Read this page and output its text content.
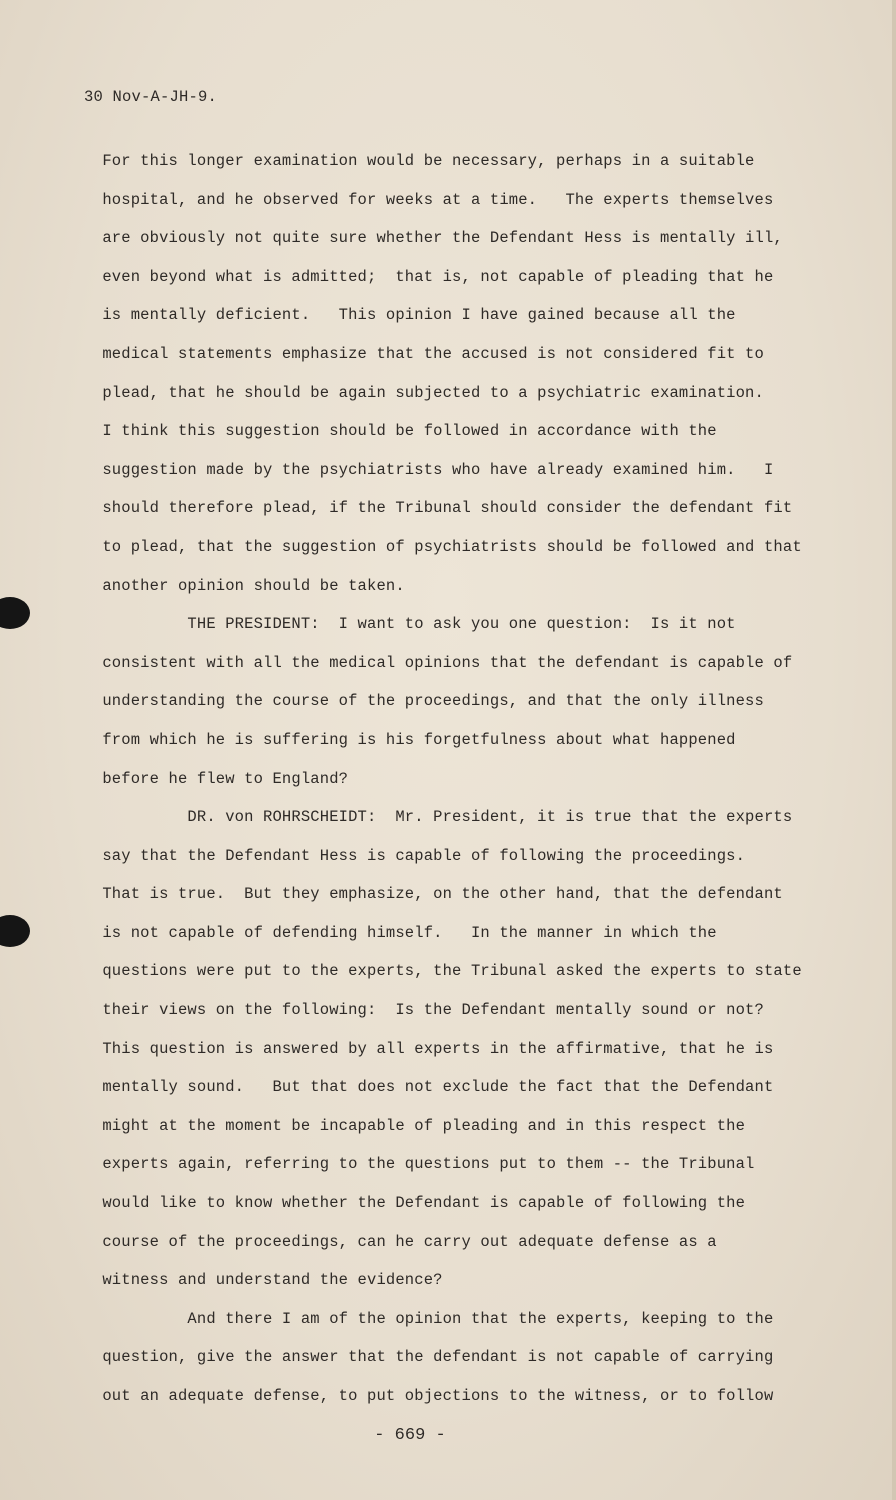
30 Nov-A-JH-9.

For this longer examination would be necessary, perhaps in a suitable
hospital, and he observed for weeks at a time.   The experts themselves
are obviously not quite sure whether the Defendant Hess is mentally ill,
even beyond what is admitted;  that is, not capable of pleading that he
is mentally deficient.   This opinion I have gained because all the
medical statements emphasize that the accused is not considered fit to
plead, that he should be again subjected to a psychiatric examination.
I think this suggestion should be followed in accordance with the
suggestion made by the psychiatrists who have already examined him.   I
should therefore plead, if the Tribunal should consider the defendant fit
to plead, that the suggestion of psychiatrists should be followed and that
another opinion should be taken.
THE PRESIDENT:  I want to ask you one question:  Is it not
consistent with all the medical opinions that the defendant is capable of
understanding the course of the proceedings, and that the only illness
from which he is suffering is his forgetfulness about what happened
before he flew to England?
DR. von ROHRSCHEIDT:  Mr. President, it is true that the experts
say that the Defendant Hess is capable of following the proceedings.
That is true.  But they emphasize, on the other hand, that the defendant
is not capable of defending himself.   In the manner in which the
questions were put to the experts, the Tribunal asked the experts to state
their views on the following:  Is the Defendant mentally sound or not?
This question is answered by all experts in the affirmative, that he is
mentally sound.   But that does not exclude the fact that the Defendant
might at the moment be incapable of pleading and in this respect the
experts again, referring to the questions put to them -- the Tribunal
would like to know whether the Defendant is capable of following the
course of the proceedings, can he carry out adequate defense as a
witness and understand the evidence?
And there I am of the opinion that the experts, keeping to the
question, give the answer that the defendant is not capable of carrying
out an adequate defense, to put objections to the witness, or to follow

- 669 -
